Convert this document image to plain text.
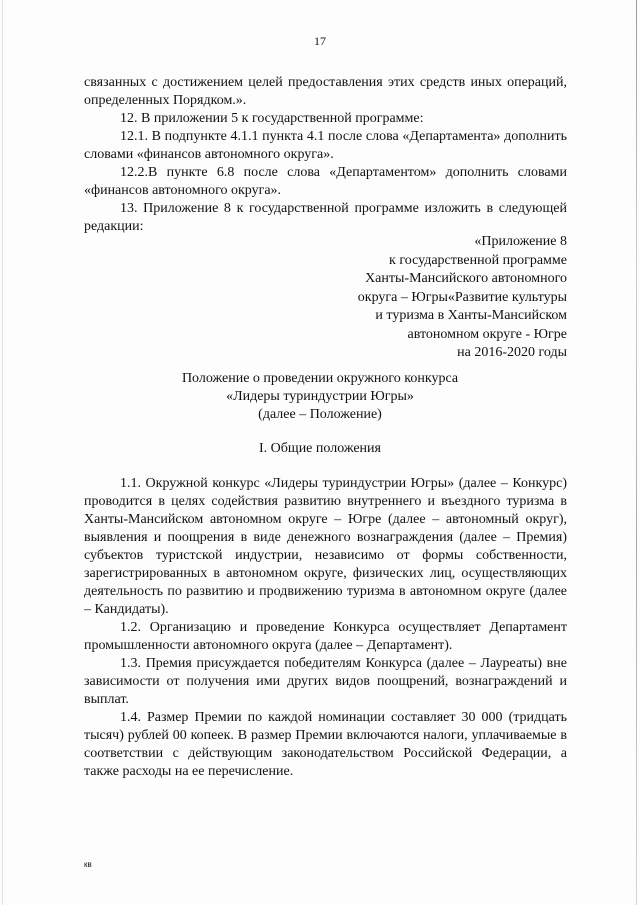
17

связанных с достижением целей предоставления этих средств иных операций, определенных Порядком.».

12. В приложении 5 к государственной программе:

12.1. В подпункте 4.1.1 пункта 4.1 после слова «Департамента» дополнить словами «финансов автономного округа».

12.2.В пункте 6.8 после слова «Департаментом» дополнить словами «финансов автономного округа».

13. Приложение 8 к государственной программе изложить в следующей редакции:

«Приложение 8
к государственной программе
Ханты-Мансийского автономного
округа – Югры«Развитие культуры
и туризма в Ханты-Мансийском
автономном округе - Югре
на 2016-2020 годы
Положение о проведении окружного конкурса
«Лидеры туриндустрии Югры»
(далее – Положение)
I. Общие положения

1.1. Окружной конкурс «Лидеры туриндустрии Югры» (далее – Конкурс) проводится в целях содействия развитию внутреннего и въездного туризма в Ханты-Мансийском автономном округе – Югре (далее – автономный округ), выявления и поощрения в виде денежного вознаграждения (далее – Премия) субъектов туристской индустрии, независимо от формы собственности, зарегистрированных в автономном округе, физических лиц, осуществляющих деятельность по развитию и продвижению туризма в автономном округе (далее – Кандидаты).

1.2. Организацию и проведение Конкурса осуществляет Департамент промышленности автономного округа (далее – Департамент).

1.3. Премия присуждается победителям Конкурса (далее – Лауреаты) вне зависимости от получения ими других видов поощрений, вознаграждений и выплат.

1.4. Размер Премии по каждой номинации составляет 30 000 (тридцать тысяч) рублей 00 копеек. В размер Премии включаются налоги, уплачиваемые в соответствии с действующим законодательством Российской Федерации, а также расходы на ее перечисление.

кв
